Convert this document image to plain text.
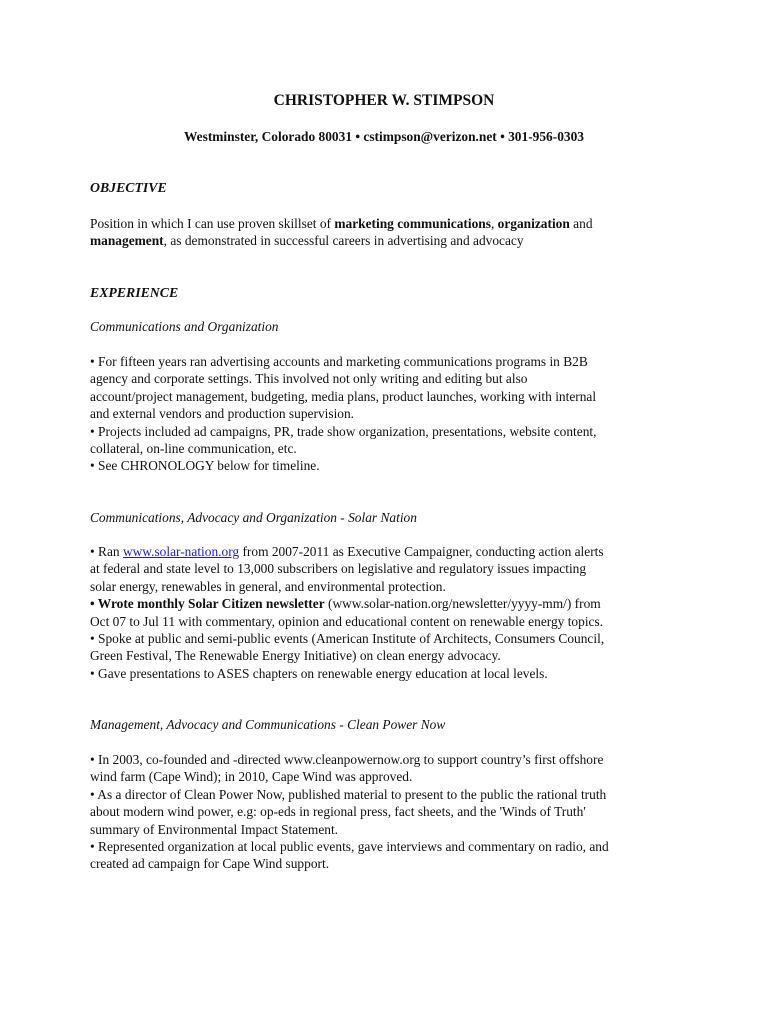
CHRISTOPHER W. STIMPSON
Westminster, Colorado 80031 • cstimpson@verizon.net • 301-956-0303
OBJECTIVE

Position in which I can use proven skillset of marketing communications, organization and

management, as demonstrated in successful careers in advertising and advocacy

EXPERIENCE
Communications and Organization

• For fifteen years ran advertising accounts and marketing communications programs in B2B

agency and corporate settings. This involved not only writing and editing but also

account/project management, budgeting, media plans, product launches, working with internal

and external vendors and production supervision.

• Projects included ad campaigns, PR, trade show organization, presentations, website content,

collateral, on-line communication, etc.

• See CHRONOLOGY below for timeline.

Communications, Advocacy and Organization - Solar Nation

• Ran www.solar-nation.org from 2007-2011 as Executive Campaigner, conducting action alerts

at federal and state level to 13,000 subscribers on legislative and regulatory issues impacting

solar energy, renewables in general, and environmental protection.

• Wrote monthly Solar Citizen newsletter (www.solar-nation.org/newsletter/yyyy-mm/) from

Oct 07 to Jul 11 with commentary, opinion and educational content on renewable energy topics.

• Spoke at public and semi-public events (American Institute of Architects, Consumers Council,

Green Festival, The Renewable Energy Initiative) on clean energy advocacy.

• Gave presentations to ASES chapters on renewable energy education at local levels.

Management, Advocacy and Communications - Clean Power Now

• In 2003, co-founded and -directed www.cleanpowernow.org to support country’s first offshore

wind farm (Cape Wind); in 2010, Cape Wind was approved.

• As a director of Clean Power Now, published material to present to the public the rational truth

about modern wind power, e.g: op-eds in regional press, fact sheets, and the 'Winds of Truth'

summary of Environmental Impact Statement.

• Represented organization at local public events, gave interviews and commentary on radio, and

created ad campaign for Cape Wind support.
